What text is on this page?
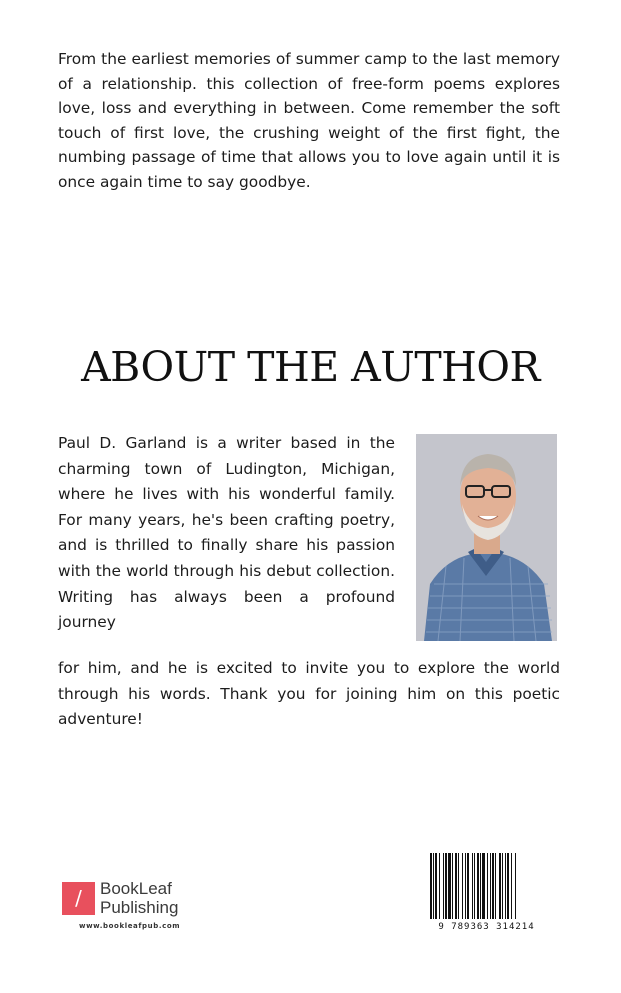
From the earliest memories of summer camp to the last memory of a relationship. this collection of free-form poems explores love, loss and everything in between. Come remember the soft touch of first love, the crushing weight of the first fight, the numbing passage of time that allows you to love again until it is once again time to say goodbye.

ABOUT THE AUTHOR

Paul D. Garland is a writer based in the charming town of Ludington, Michigan, where he lives with his wonderful family. For many years, he's been crafting poetry, and is thrilled to finally share his passion with the world through his debut collection. Writing has always been a profound journey

for him, and he is excited to invite you to explore the world through his words. Thank you for joining him on this poetic adventure!

/	BookLeaf
Publishing
www.bookleafpub.com	9 789363 314214
